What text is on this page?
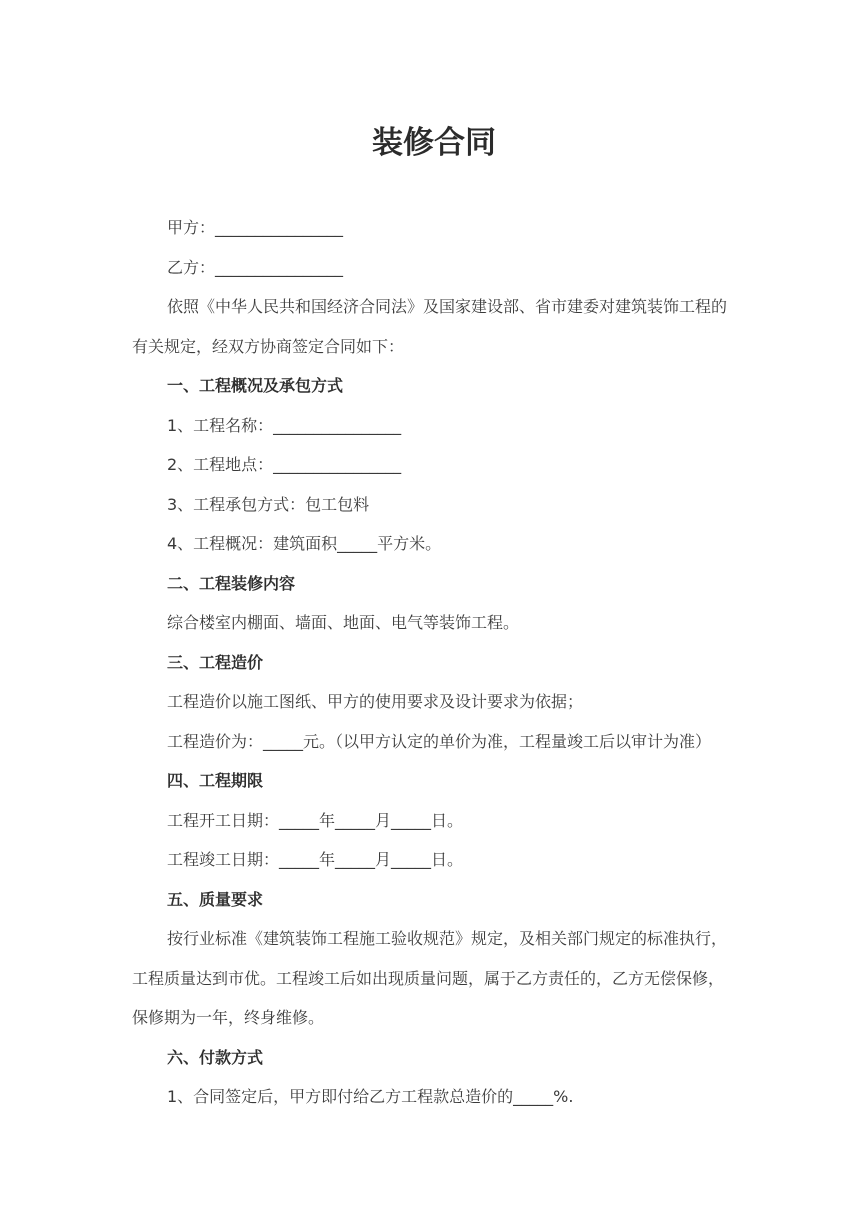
装修合同

甲方：________________

乙方：________________

依照《中华人民共和国经济合同法》及国家建设部、省市建委对建筑装饰工程的有关规定，经双方协商签定合同如下：

一、工程概况及承包方式

1、工程名称：________________

2、工程地点：________________

3、工程承包方式：包工包料

4、工程概况：建筑面积_____平方米。

二、工程装修内容

综合楼室内棚面、墙面、地面、电气等装饰工程。

三、工程造价

工程造价以施工图纸、甲方的使用要求及设计要求为依据；

工程造价为：_____元。（以甲方认定的单价为准，工程量竣工后以审计为准）

四、工程期限

工程开工日期：_____年_____月_____日。

工程竣工日期：_____年_____月_____日。

五、质量要求

按行业标准《建筑装饰工程施工验收规范》规定，及相关部门规定的标准执行，工程质量达到市优。工程竣工后如出现质量问题，属于乙方责任的，乙方无偿保修，保修期为一年，终身维修。

六、付款方式

1、合同签定后，甲方即付给乙方工程款总造价的_____%.
